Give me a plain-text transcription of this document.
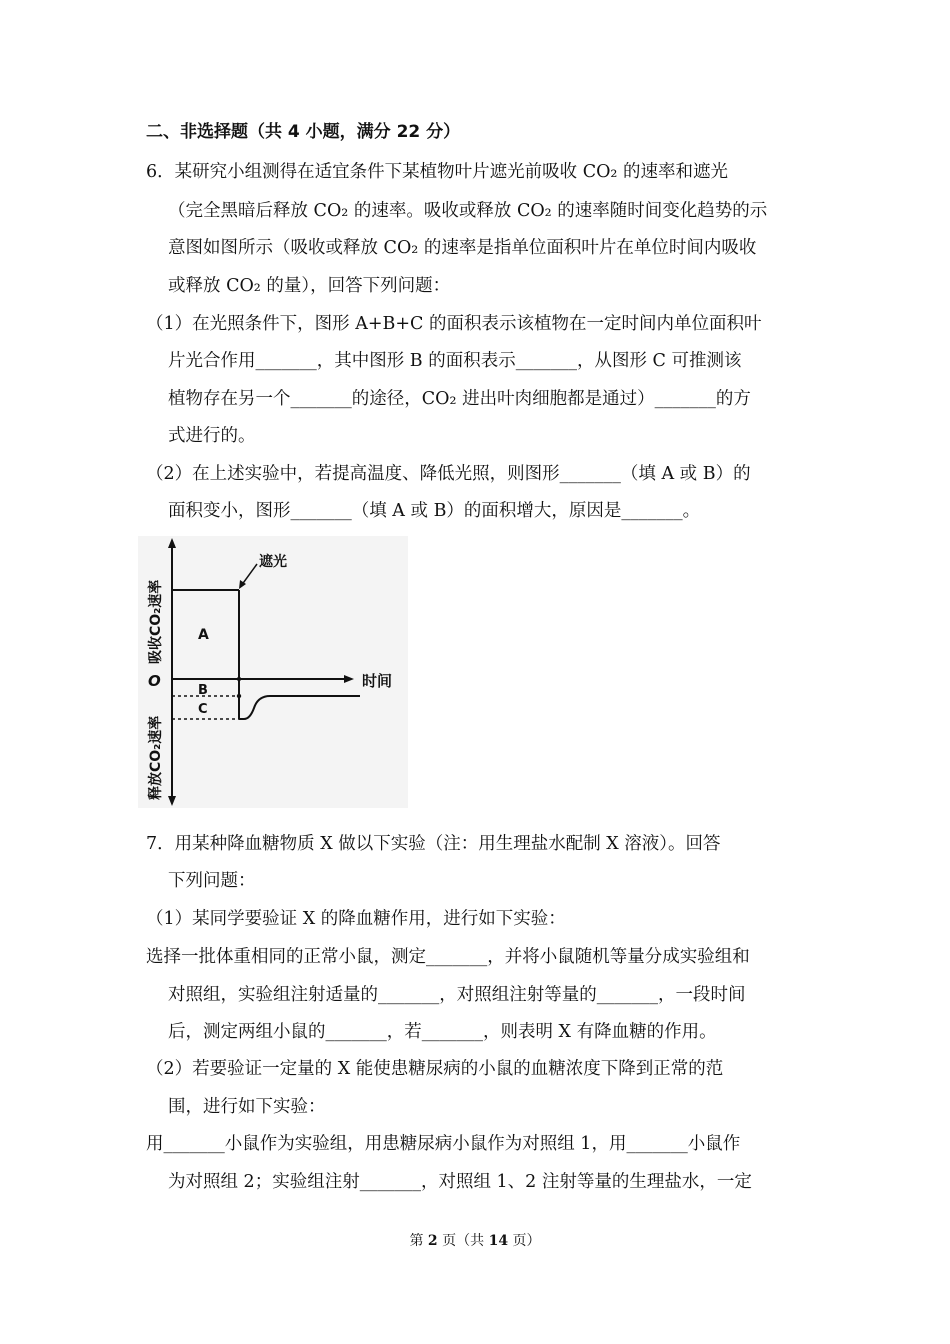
二、非选择题（共 4 小题，满分 22 分）
6．某研究小组测得在适宜条件下某植物叶片遮光前吸收 CO₂ 的速率和遮光
（完全黑暗后释放 CO₂ 的速率。吸收或释放 CO₂ 的速率随时间变化趋势的示
意图如图所示（吸收或释放 CO₂ 的速率是指单位面积叶片在单位时间内吸收
或释放 CO₂ 的量），回答下列问题：
（1）在光照条件下，图形 A+B+C 的面积表示该植物在一定时间内单位面积叶
片光合作用_______，其中图形 B 的面积表示_______，从图形 C 可推测该
植物存在另一个_______的途径，CO₂ 进出叶肉细胞都是通过）_______的方
式进行的。
（2）在上述实验中，若提高温度、降低光照，则图形_______（填 A 或 B）的
面积变小，图形_______（填 A 或 B）的面积增大，原因是_______。
遮光
A
B
C
O	时间
吸收CO₂速率
释放CO₂速率
7．用某种降血糖物质 X 做以下实验（注：用生理盐水配制 X 溶液）。回答
下列问题：
（1）某同学要验证 X 的降血糖作用，进行如下实验：
选择一批体重相同的正常小鼠，测定_______，并将小鼠随机等量分成实验组和
对照组，实验组注射适量的_______，对照组注射等量的_______，一段时间
后，测定两组小鼠的_______，若_______，则表明 X 有降血糖的作用。
（2）若要验证一定量的 X 能使患糖尿病的小鼠的血糖浓度下降到正常的范
围，进行如下实验：
用_______小鼠作为实验组，用患糖尿病小鼠作为对照组 1，用_______小鼠作
为对照组 2；实验组注射_______，对照组 1、2 注射等量的生理盐水，一定
第 2 页（共 14 页）
